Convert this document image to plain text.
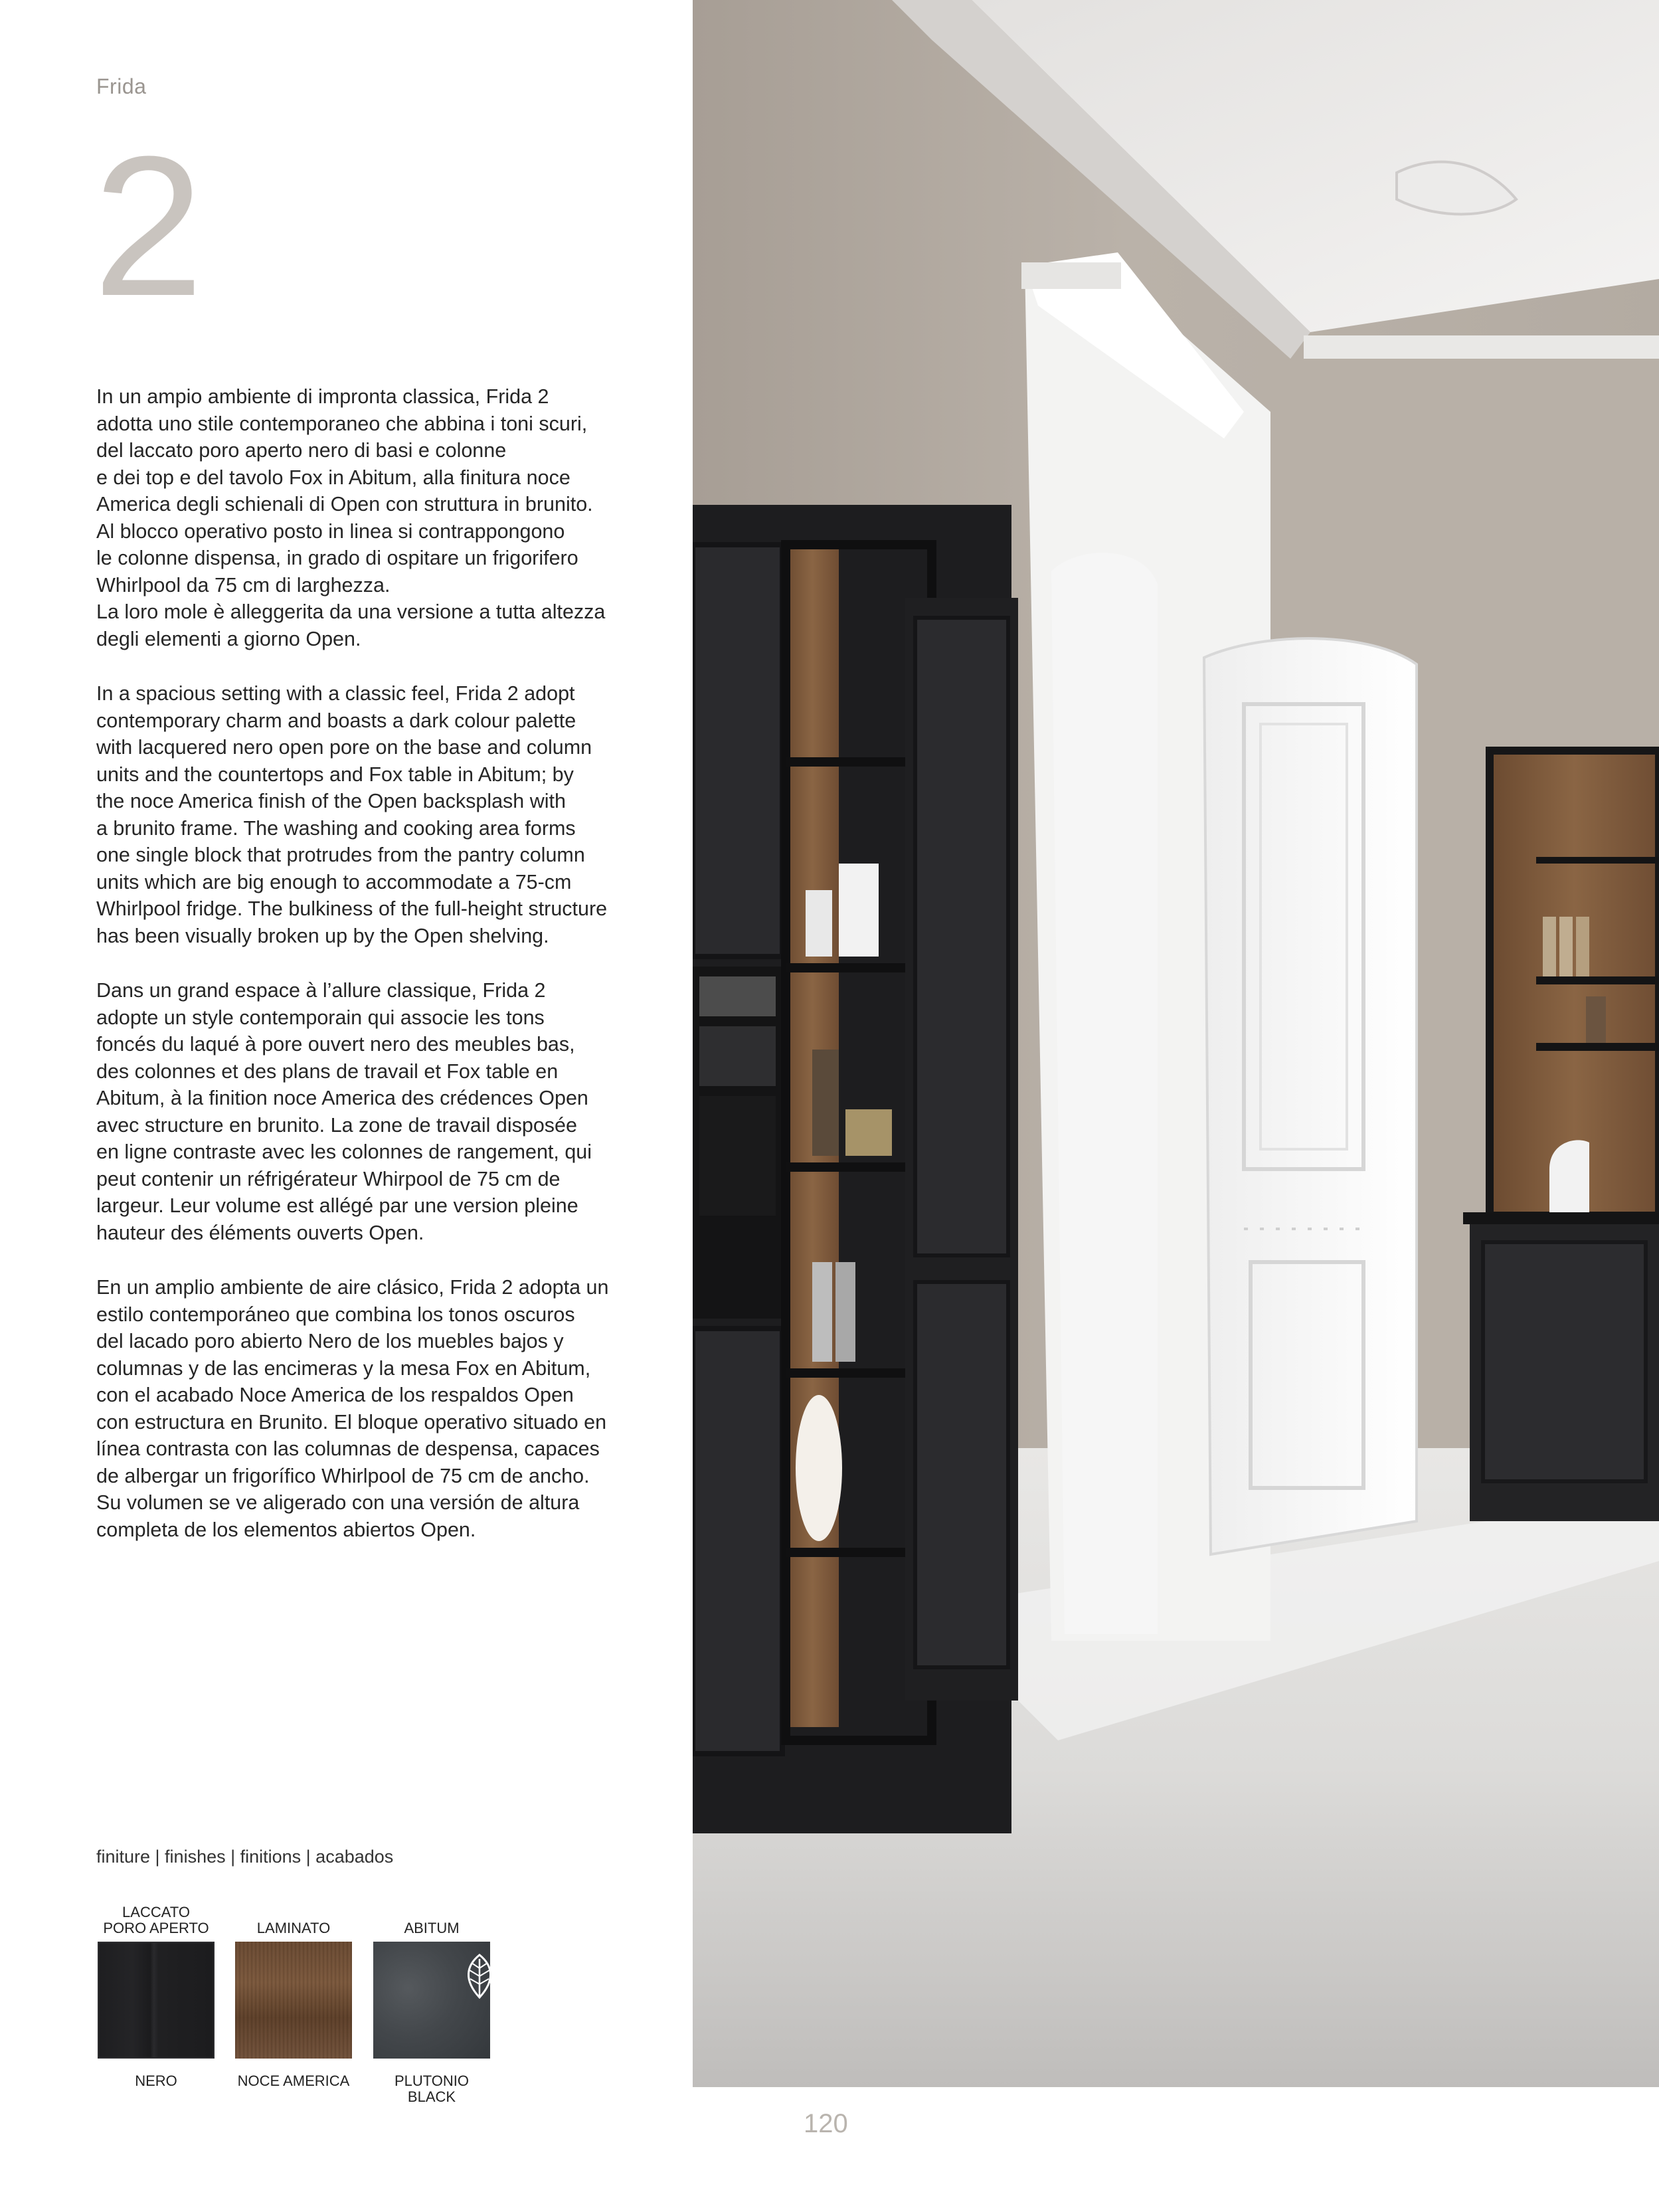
Frida
2

In un ampio ambiente di impronta classica, Frida 2
adotta uno stile contemporaneo che abbina i toni scuri,
del laccato poro aperto nero di basi e colonne
e dei top e del tavolo Fox in Abitum, alla finitura noce
America degli schienali di Open con struttura in brunito.
Al blocco operativo posto in linea si contrappongono
le colonne dispensa, in grado di ospitare un frigorifero
Whirlpool da 75 cm di larghezza.
La loro mole è alleggerita da una versione a tutta altezza
degli elementi a giorno Open.

In a spacious setting with a classic feel, Frida 2 adopt
contemporary charm and boasts a dark colour palette
with lacquered nero open pore on the base and column
units and the countertops and Fox table in Abitum; by
the noce America finish of the Open backsplash with
a brunito frame. The washing and cooking area forms
one single block that protrudes from the pantry column
units which are big enough to accommodate a 75-cm
Whirlpool fridge. The bulkiness of the full-height structure
has been visually broken up by the Open shelving.

Dans un grand espace à l’allure classique, Frida 2
adopte un style contemporain qui associe les tons
foncés du laqué à pore ouvert nero des meubles bas,
des colonnes et des plans de travail et Fox table en
Abitum, à la finition noce America des crédences Open
avec structure en brunito. La zone de travail disposée
en ligne contraste avec les colonnes de rangement, qui
peut contenir un réfrigérateur Whirpool de 75 cm de
largeur. Leur volume est allégé par une version pleine
hauteur des éléments ouverts Open.

En un amplio ambiente de aire clásico, Frida 2 adopta un
estilo contemporáneo que combina los tonos oscuros
del lacado poro abierto Nero de los muebles bajos y
columnas y de las encimeras y la mesa Fox en Abitum,
con el acabado Noce America de los respaldos Open
con estructura en Brunito. El bloque operativo situado en
línea contrasta con las columnas de despensa, capaces
de albergar un frigorífico Whirlpool de 75 cm de ancho.
Su volumen se ve aligerado con una versión de altura
completa de los elementos abiertos Open.

finiture | finishes | finitions | acabados
LACCATO
PORO APERTO
NERO
LAMINATO
NOCE AMERICA
ABITUM
PLUTONIO
BLACK
120
